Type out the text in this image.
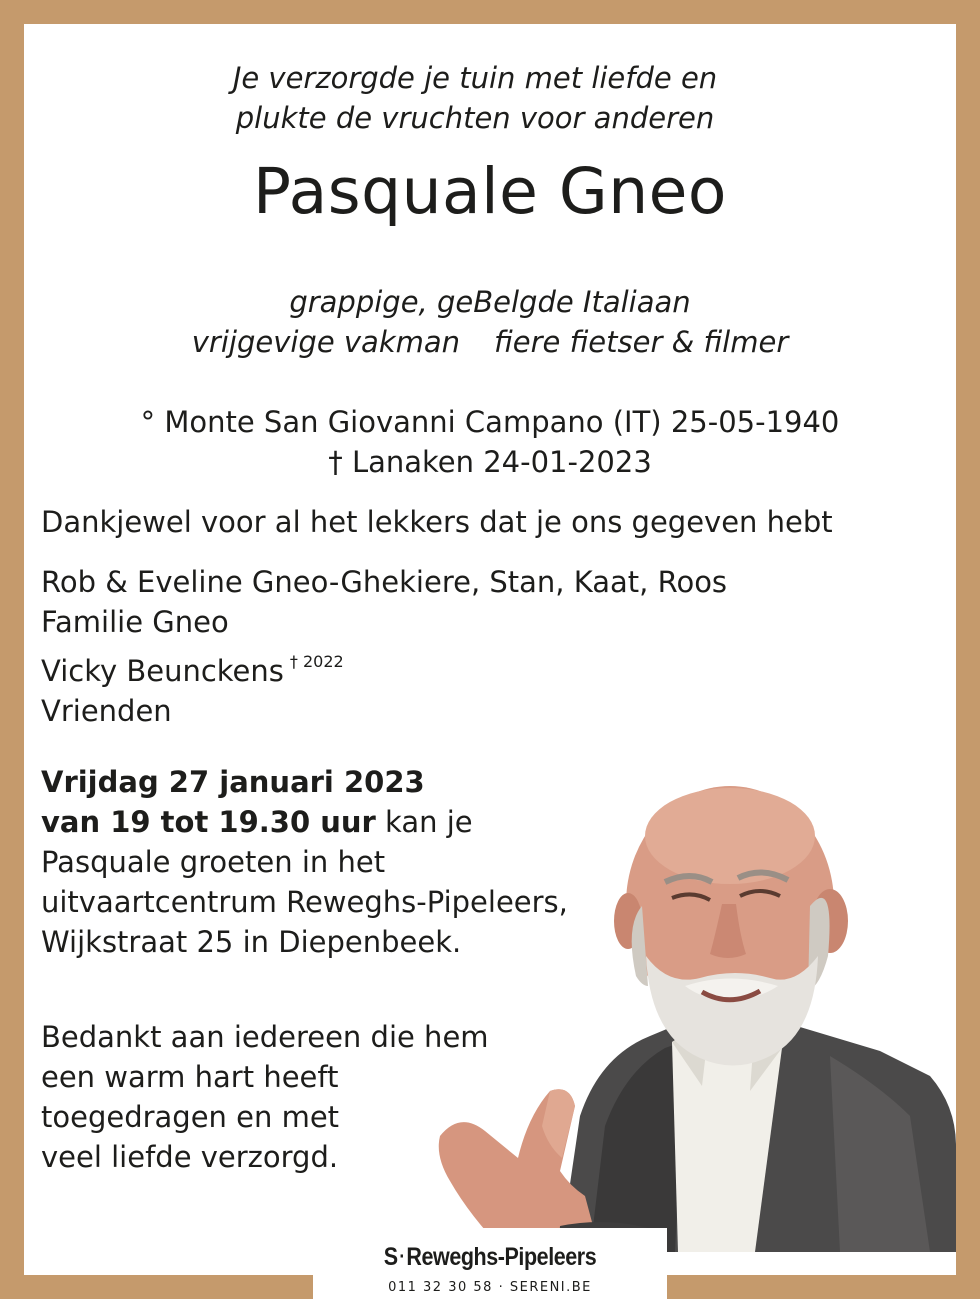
Je verzorgde je tuin met liefde en
plukte de vruchten voor anderen
Pasquale Gneo
grappige, geBelgde Italiaan
vrijgevige vakman fiere fietser & filmer
° Monte San Giovanni Campano (IT) 25-05-1940
† Lanaken 24-01-2023
Dankjewel voor al het lekkers dat je ons gegeven hebt
Rob & Eveline Gneo-Ghekiere, Stan, Kaat, Roos
Familie Gneo
Vicky Beunckens $^{\dagger 2022}$
Vrienden
Vrijdag 27 januari 2023
van 19 tot 19.30 uur kan je
Pasquale groeten in het
uitvaartcentrum Reweghs-Pipeleers,
Wijkstraat 25 in Diepenbeek.
Bedankt aan iedereen die hem
een warm hart heeft
toegedragen en met
veel liefde verzorgd.
S·Reweghs-Pipeleers
011 32 30 58 · SERENI.BE
